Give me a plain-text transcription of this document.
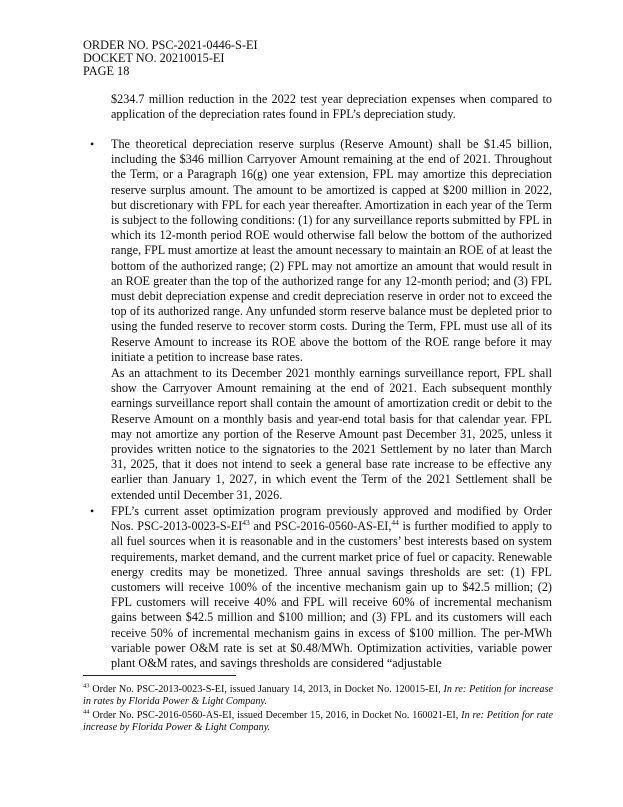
ORDER NO. PSC-2021-0446-S-EI
DOCKET NO. 20210015-EI
PAGE 18
$234.7 million reduction in the 2022 test year depreciation expenses when compared to application of the depreciation rates found in FPL’s depreciation study.
• The theoretical depreciation reserve surplus (Reserve Amount) shall be $1.45 billion, including the $346 million Carryover Amount remaining at the end of 2021. Throughout the Term, or a Paragraph 16(g) one year extension, FPL may amortize this depreciation reserve surplus amount. The amount to be amortized is capped at $200 million in 2022, but discretionary with FPL for each year thereafter. Amortization in each year of the Term is subject to the following conditions: (1) for any surveillance reports submitted by FPL in which its 12-month period ROE would otherwise fall below the bottom of the authorized range, FPL must amortize at least the amount necessary to maintain an ROE of at least the bottom of the authorized range; (2) FPL may not amortize an amount that would result in an ROE greater than the top of the authorized range for any 12-month period; and (3) FPL must debit depreciation expense and credit depreciation reserve in order not to exceed the top of its authorized range. Any unfunded storm reserve balance must be depleted prior to using the funded reserve to recover storm costs. During the Term, FPL must use all of its Reserve Amount to increase its ROE above the bottom of the ROE range before it may initiate a petition to increase base rates.
As an attachment to its December 2021 monthly earnings surveillance report, FPL shall show the Carryover Amount remaining at the end of 2021. Each subsequent monthly earnings surveillance report shall contain the amount of amortization credit or debit to the Reserve Amount on a monthly basis and year-end total basis for that calendar year. FPL may not amortize any portion of the Reserve Amount past December 31, 2025, unless it provides written notice to the signatories to the 2021 Settlement by no later than March 31, 2025, that it does not intend to seek a general base rate increase to be effective any earlier than January 1, 2027, in which event the Term of the 2021 Settlement shall be extended until December 31, 2026.
• FPL’s current asset optimization program previously approved and modified by Order Nos. PSC-2013-0023-S-EI$^{43}$ and PSC-2016-0560-AS-EI,$^{44}$ is further modified to apply to all fuel sources when it is reasonable and in the customers’ best interests based on system requirements, market demand, and the current market price of fuel or capacity. Renewable energy credits may be monetized. Three annual savings thresholds are set: (1) FPL customers will receive 100% of the incentive mechanism gain up to $42.5 million; (2) FPL customers will receive 40% and FPL will receive 60% of incremental mechanism gains between $42.5 million and $100 million; and (3) FPL and its customers will each receive 50% of incremental mechanism gains in excess of $100 million. The per-MWh variable power O&M rate is set at $0.48/MWh. Optimization activities, variable power plant O&M rates, and savings thresholds are considered “adjustable
$^{43}$ Order No. PSC-2013-0023-S-EI, issued January 14, 2013, in Docket No. 120015-EI, In re: Petition for increase in rates by Florida Power & Light Company.
$^{44}$ Order No. PSC-2016-0560-AS-EI, issued December 15, 2016, in Docket No. 160021-EI, In re: Petition for rate increase by Florida Power & Light Company.
